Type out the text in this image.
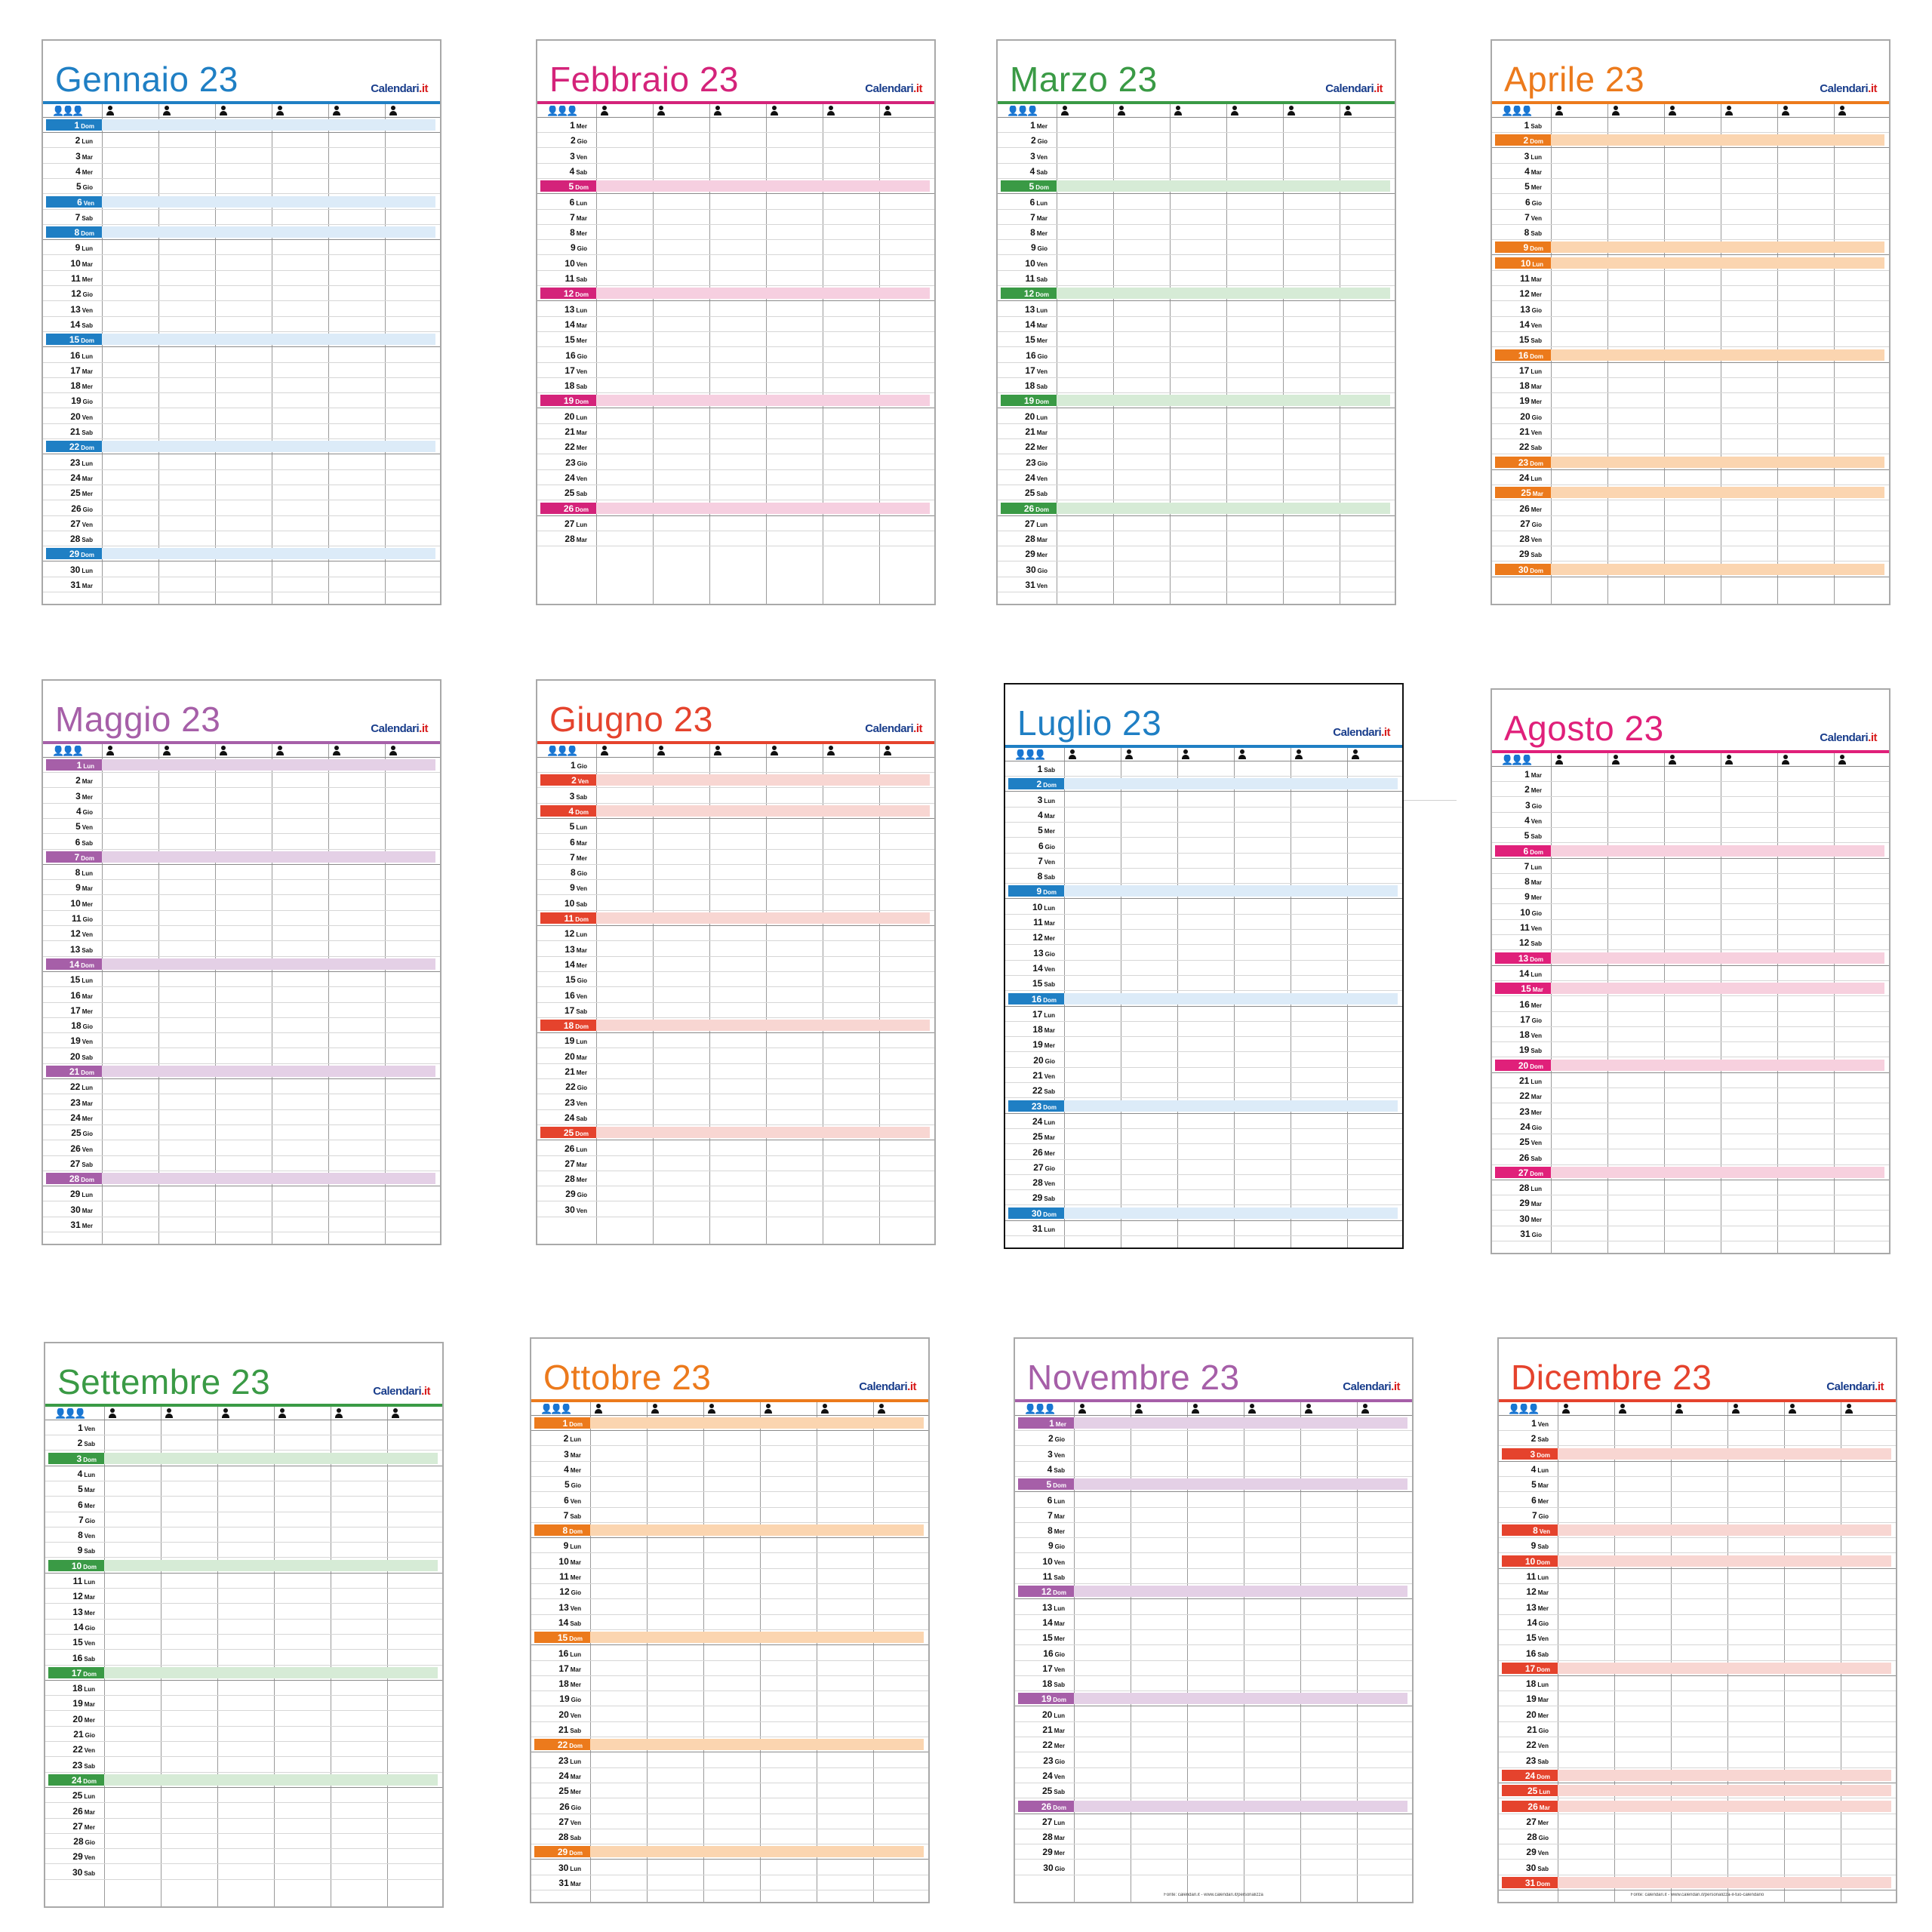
Gennaio 23	Calendari.it
👤👤👤
1 Dom
2 Lun
3 Mar
4 Mer
5 Gio
6 Ven
7 Sab
8 Dom
9 Lun
10 Mar
11 Mer
12 Gio
13 Ven
14 Sab
15 Dom
16 Lun
17 Mar
18 Mer
19 Gio
20 Ven
21 Sab
22 Dom
23 Lun
24 Mar
25 Mer
26 Gio
27 Ven
28 Sab
29 Dom
30 Lun
31 Mar
Febbraio 23	Calendari.it
👤👤👤
1 Mer
2 Gio
3 Ven
4 Sab
5 Dom
6 Lun
7 Mar
8 Mer
9 Gio
10 Ven
11 Sab
12 Dom
13 Lun
14 Mar
15 Mer
16 Gio
17 Ven
18 Sab
19 Dom
20 Lun
21 Mar
22 Mer
23 Gio
24 Ven
25 Sab
26 Dom
27 Lun
28 Mar
Marzo 23	Calendari.it
👤👤👤
1 Mer
2 Gio
3 Ven
4 Sab
5 Dom
6 Lun
7 Mar
8 Mer
9 Gio
10 Ven
11 Sab
12 Dom
13 Lun
14 Mar
15 Mer
16 Gio
17 Ven
18 Sab
19 Dom
20 Lun
21 Mar
22 Mer
23 Gio
24 Ven
25 Sab
26 Dom
27 Lun
28 Mar
29 Mer
30 Gio
31 Ven
Aprile 23	Calendari.it
👤👤👤
1 Sab
2 Dom
3 Lun
4 Mar
5 Mer
6 Gio
7 Ven
8 Sab
9 Dom
10 Lun
11 Mar
12 Mer
13 Gio
14 Ven
15 Sab
16 Dom
17 Lun
18 Mar
19 Mer
20 Gio
21 Ven
22 Sab
23 Dom
24 Lun
25 Mar
26 Mer
27 Gio
28 Ven
29 Sab
30 Dom
Maggio 23	Calendari.it
👤👤👤
1 Lun
2 Mar
3 Mer
4 Gio
5 Ven
6 Sab
7 Dom
8 Lun
9 Mar
10 Mer
11 Gio
12 Ven
13 Sab
14 Dom
15 Lun
16 Mar
17 Mer
18 Gio
19 Ven
20 Sab
21 Dom
22 Lun
23 Mar
24 Mer
25 Gio
26 Ven
27 Sab
28 Dom
29 Lun
30 Mar
31 Mer
Giugno 23	Calendari.it
👤👤👤
1 Gio
2 Ven
3 Sab
4 Dom
5 Lun
6 Mar
7 Mer
8 Gio
9 Ven
10 Sab
11 Dom
12 Lun
13 Mar
14 Mer
15 Gio
16 Ven
17 Sab
18 Dom
19 Lun
20 Mar
21 Mer
22 Gio
23 Ven
24 Sab
25 Dom
26 Lun
27 Mar
28 Mer
29 Gio
30 Ven
Luglio 23	Calendari.it
👤👤👤
1 Sab
2 Dom
3 Lun
4 Mar
5 Mer
6 Gio
7 Ven
8 Sab
9 Dom
10 Lun
11 Mar
12 Mer
13 Gio
14 Ven
15 Sab
16 Dom
17 Lun
18 Mar
19 Mer
20 Gio
21 Ven
22 Sab
23 Dom
24 Lun
25 Mar
26 Mer
27 Gio
28 Ven
29 Sab
30 Dom
31 Lun
Agosto 23	Calendari.it
👤👤👤
1 Mar
2 Mer
3 Gio
4 Ven
5 Sab
6 Dom
7 Lun
8 Mar
9 Mer
10 Gio
11 Ven
12 Sab
13 Dom
14 Lun
15 Mar
16 Mer
17 Gio
18 Ven
19 Sab
20 Dom
21 Lun
22 Mar
23 Mer
24 Gio
25 Ven
26 Sab
27 Dom
28 Lun
29 Mar
30 Mer
31 Gio
Settembre 23	Calendari.it
👤👤👤
1 Ven
2 Sab
3 Dom
4 Lun
5 Mar
6 Mer
7 Gio
8 Ven
9 Sab
10 Dom
11 Lun
12 Mar
13 Mer
14 Gio
15 Ven
16 Sab
17 Dom
18 Lun
19 Mar
20 Mer
21 Gio
22 Ven
23 Sab
24 Dom
25 Lun
26 Mar
27 Mer
28 Gio
29 Ven
30 Sab
Ottobre 23	Calendari.it
👤👤👤
1 Dom
2 Lun
3 Mar
4 Mer
5 Gio
6 Ven
7 Sab
8 Dom
9 Lun
10 Mar
11 Mer
12 Gio
13 Ven
14 Sab
15 Dom
16 Lun
17 Mar
18 Mer
19 Gio
20 Ven
21 Sab
22 Dom
23 Lun
24 Mar
25 Mer
26 Gio
27 Ven
28 Sab
29 Dom
30 Lun
31 Mar
Novembre 23	Calendari.it
👤👤👤
1 Mer
2 Gio
3 Ven
4 Sab
5 Dom
6 Lun
7 Mar
8 Mer
9 Gio
10 Ven
11 Sab
12 Dom
13 Lun
14 Mar
15 Mer
16 Gio
17 Ven
18 Sab
19 Dom
20 Lun
21 Mar
22 Mer
23 Gio
24 Ven
25 Sab
26 Dom
27 Lun
28 Mar
29 Mer
30 Gio
Fonte: calendari.it - www.calendari.it/personalizza
Dicembre 23	Calendari.it
👤👤👤
1 Ven
2 Sab
3 Dom
4 Lun
5 Mar
6 Mer
7 Gio
8 Ven
9 Sab
10 Dom
11 Lun
12 Mar
13 Mer
14 Gio
15 Ven
16 Sab
17 Dom
18 Lun
19 Mar
20 Mer
21 Gio
22 Ven
23 Sab
24 Dom
25 Lun
26 Mar
27 Mer
28 Gio
29 Ven
30 Sab
31 Dom
Fonte: calendari.it - www.calendari.it/personalizza-il-tuo-calendario
